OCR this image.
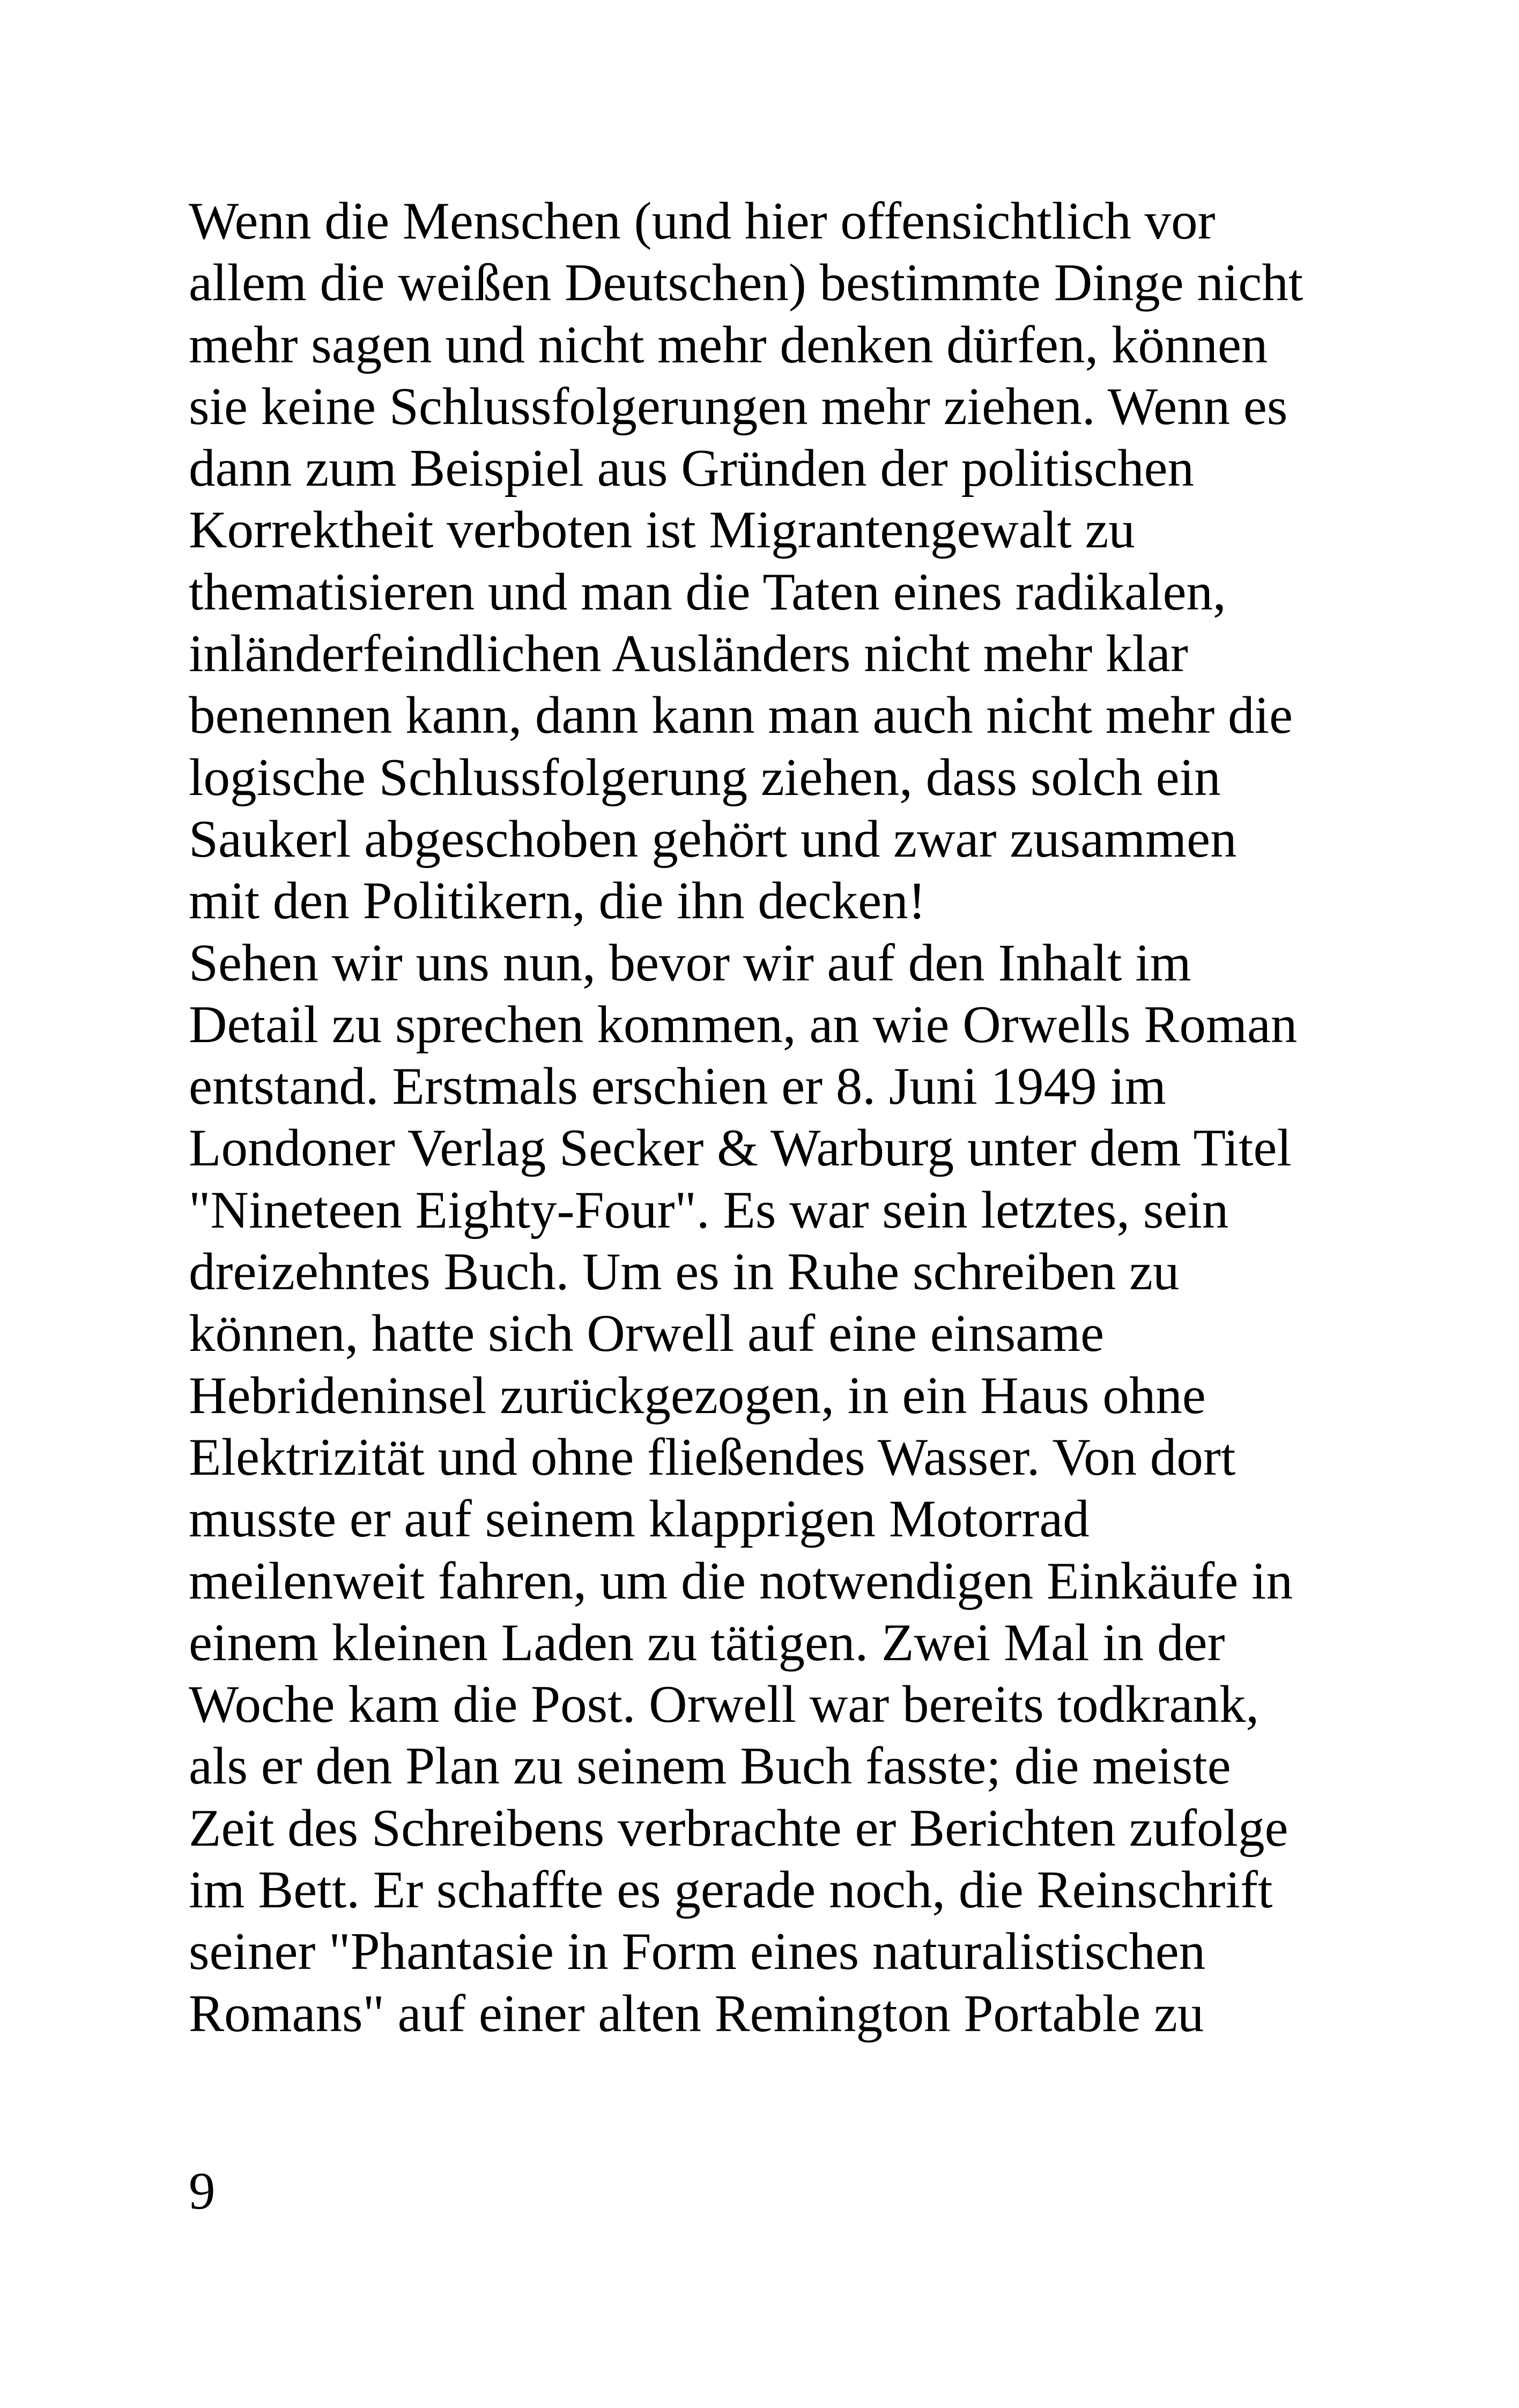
Wenn die Menschen (und hier offensichtlich vor
allem die weißen Deutschen) bestimmte Dinge nicht
mehr sagen und nicht mehr denken dürfen, können
sie keine Schlussfolgerungen mehr ziehen. Wenn es
dann zum Beispiel aus Gründen der politischen
Korrektheit verboten ist Migrantengewalt zu
thematisieren und man die Taten eines radikalen,
inländerfeindlichen Ausländers nicht mehr klar
benennen kann, dann kann man auch nicht mehr die
logische Schlussfolgerung ziehen, dass solch ein
Saukerl abgeschoben gehört und zwar zusammen
mit den Politikern, die ihn decken!
Sehen wir uns nun, bevor wir auf den Inhalt im
Detail zu sprechen kommen, an wie Orwells Roman
entstand. Erstmals erschien er 8. Juni 1949 im
Londoner Verlag Secker & Warburg unter dem Titel
"Nineteen Eighty-Four". Es war sein letztes, sein
dreizehntes Buch. Um es in Ruhe schreiben zu
können, hatte sich Orwell auf eine einsame
Hebrideninsel zurückgezogen, in ein Haus ohne
Elektrizität und ohne fließendes Wasser. Von dort
musste er auf seinem klapprigen Motorrad
meilenweit fahren, um die notwendigen Einkäufe in
einem kleinen Laden zu tätigen. Zwei Mal in der
Woche kam die Post. Orwell war bereits todkrank,
als er den Plan zu seinem Buch fasste; die meiste
Zeit des Schreibens verbrachte er Berichten zufolge
im Bett. Er schaffte es gerade noch, die Reinschrift
seiner "Phantasie in Form eines naturalistischen
Romans" auf einer alten Remington Portable zu
9
